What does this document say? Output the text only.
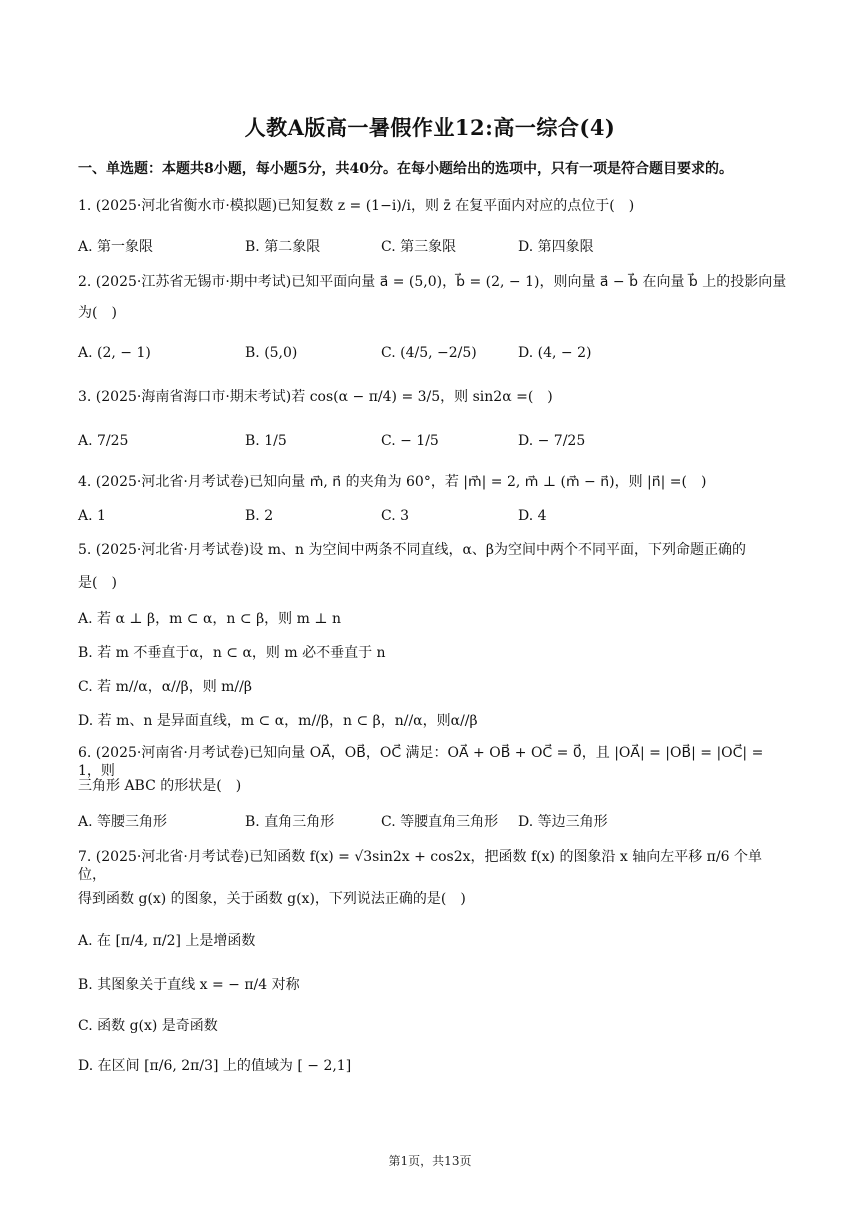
人教A版高一暑假作业12:高一综合(4)
一、单选题：本题共8小题，每小题5分，共40分。在每小题给出的选项中，只有一项是符合题目要求的。
1. (2025·河北省衡水市·模拟题)已知复数 z = (1−i)/i，则 z̄ 在复平面内对应的点位于(　)
A. 第一象限	B. 第二象限	C. 第三象限	D. 第四象限
2. (2025·江苏省无锡市·期中考试)已知平面向量 a⃗ = (5,0)，b⃗ = (2, − 1)，则向量 a⃗ − b⃗ 在向量 b⃗ 上的投影向量
为(　)
A. (2, − 1)	B. (5,0)	C. (4/5, −2/5)	D. (4, − 2)
3. (2025·海南省海口市·期末考试)若 cos(α − π/4) = 3/5，则 sin2α =(　)
A. 7/25	B. 1/5	C. − 1/5	D. − 7/25
4. (2025·河北省·月考试卷)已知向量 m⃗, n⃗ 的夹角为 60°，若 |m⃗| = 2, m⃗ ⊥ (m⃗ − n⃗)，则 |n⃗| =(　)
A. 1	B. 2	C. 3	D. 4
5. (2025·河北省·月考试卷)设 m、n 为空间中两条不同直线，α、β为空间中两个不同平面，下列命题正确的
是(　)
A. 若 α ⊥ β，m ⊂ α，n ⊂ β，则 m ⊥ n
B. 若 m 不垂直于α，n ⊂ α，则 m 必不垂直于 n
C. 若 m//α，α//β，则 m//β
D. 若 m、n 是异面直线，m ⊂ α，m//β，n ⊂ β，n//α，则α//β
6. (2025·河南省·月考试卷)已知向量 OA⃗，OB⃗，OC⃗ 满足：OA⃗ + OB⃗ + OC⃗ = 0⃗，且 |OA⃗| = |OB⃗| = |OC⃗| = 1，则
三角形 ABC 的形状是(　)
A. 等腰三角形	B. 直角三角形	C. 等腰直角三角形 D. 等边三角形
7. (2025·河北省·月考试卷)已知函数 f(x) = √3sin2x + cos2x，把函数 f(x) 的图象沿 x 轴向左平移 π/6 个单位，
得到函数 g(x) 的图象，关于函数 g(x)，下列说法正确的是(　)
A. 在 [π/4, π/2] 上是增函数
B. 其图象关于直线 x = − π/4 对称
C. 函数 g(x) 是奇函数
D. 在区间 [π/6, 2π/3] 上的值域为 [ − 2,1]
第1页，共13页
